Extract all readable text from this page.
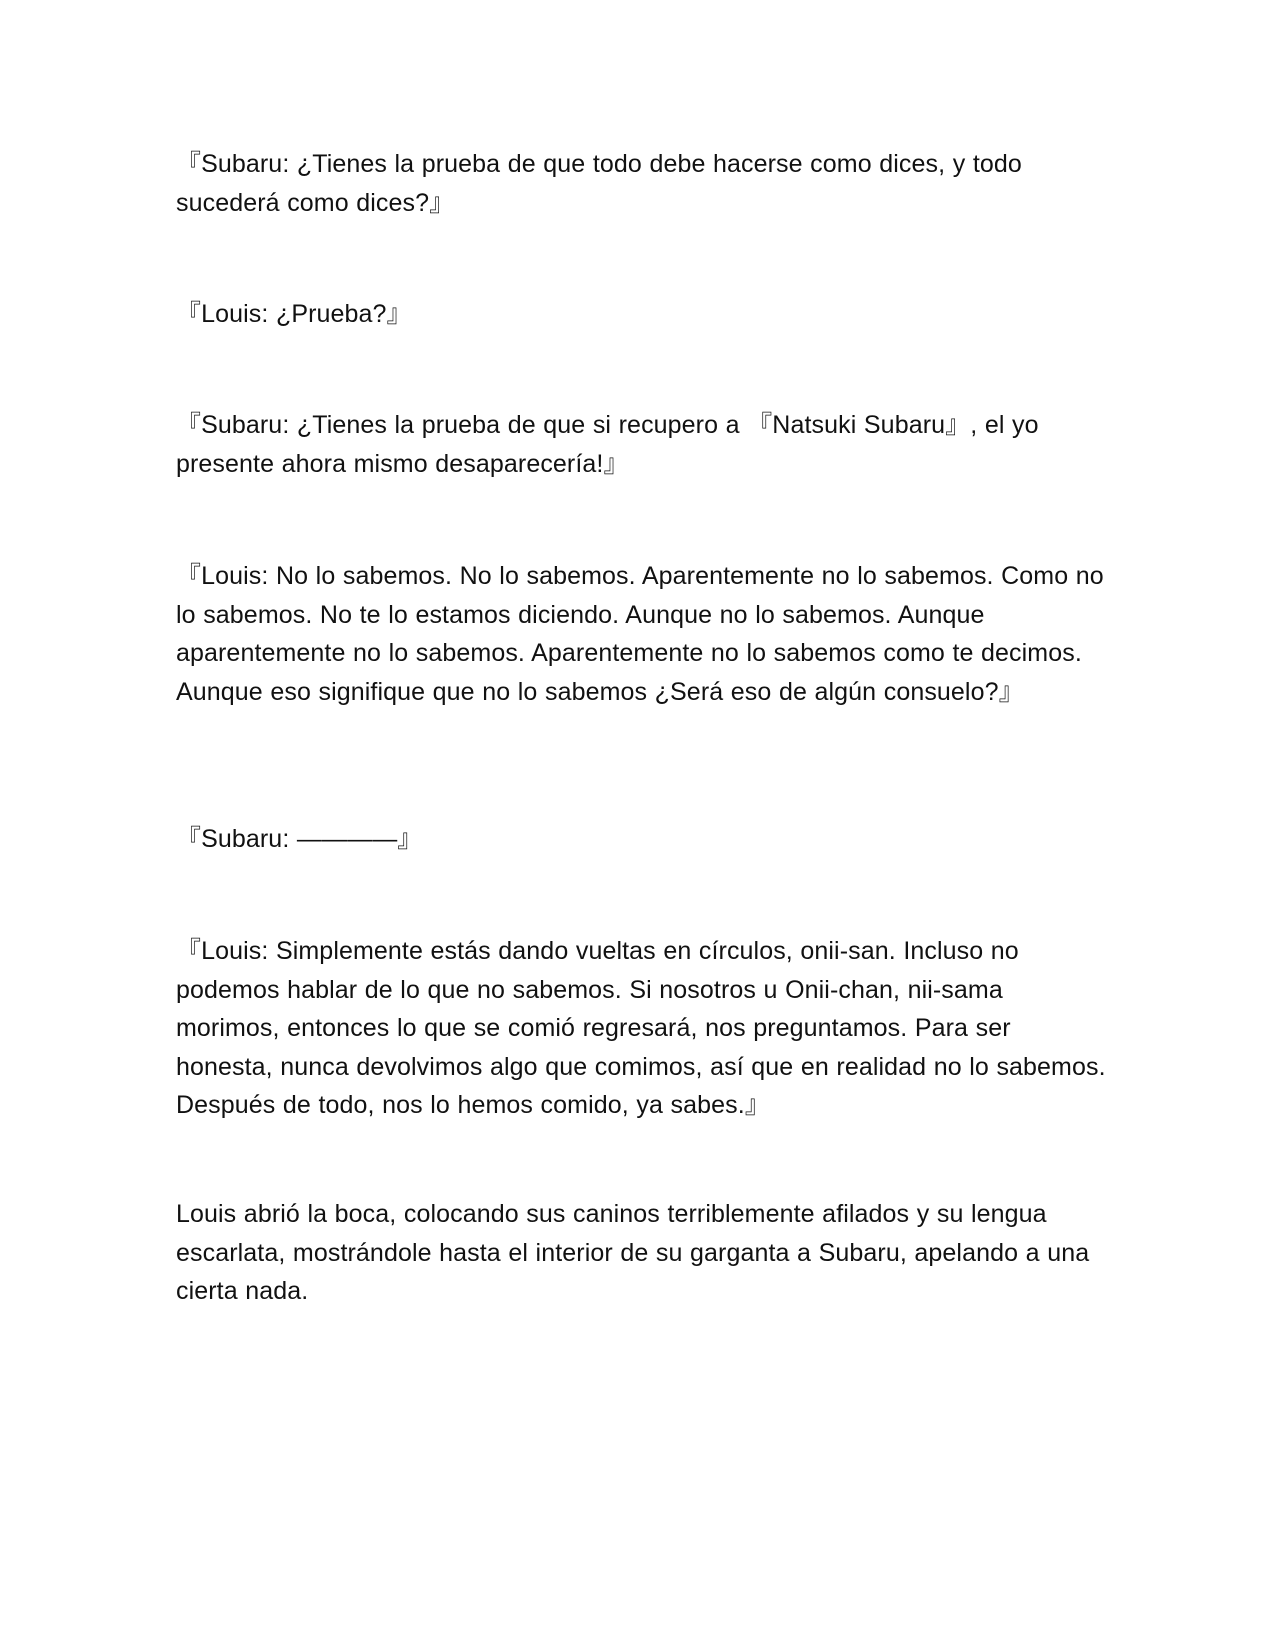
『Subaru: ¿Tienes la prueba de que todo debe hacerse como dices, y todo sucederá como dices?』

『Louis: ¿Prueba?』

『Subaru: ¿Tienes la prueba de que si recupero a 『Natsuki Subaru』, el yo presente ahora mismo desaparecería!』

『Louis: No lo sabemos. No lo sabemos. Aparentemente no lo sabemos. Como no lo sabemos. No te lo estamos diciendo. Aunque no lo sabemos. Aunque aparentemente no lo sabemos. Aparentemente no lo sabemos como te decimos. Aunque eso signifique que no lo sabemos ¿Será eso de algún consuelo?』

『Subaru: ――――』

『Louis: Simplemente estás dando vueltas en círculos, onii-san. Incluso no podemos hablar de lo que no sabemos. Si nosotros u Onii-chan, nii-sama morimos, entonces lo que se comió regresará, nos preguntamos. Para ser honesta, nunca devolvimos algo que comimos, así que en realidad no lo sabemos. Después de todo, nos lo hemos comido, ya sabes.』

Louis abrió la boca, colocando sus caninos terriblemente afilados y su lengua escarlata, mostrándole hasta el interior de su garganta a Subaru, apelando a una cierta nada.
